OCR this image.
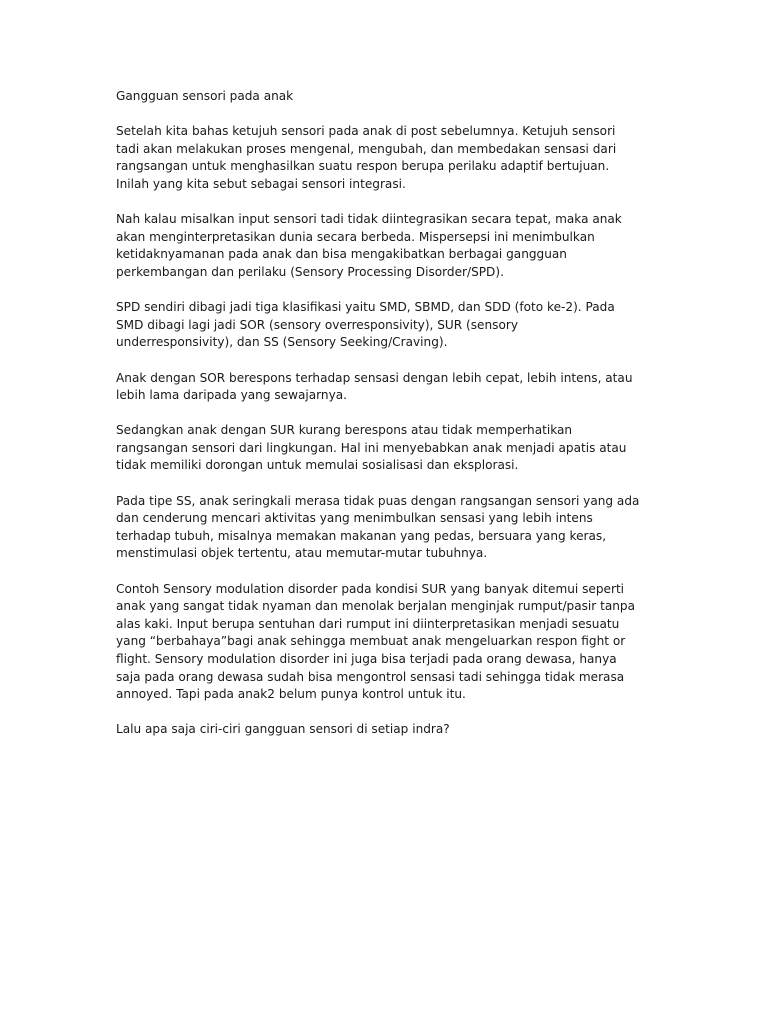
Gangguan sensori pada anak

Setelah kita bahas ketujuh sensori pada anak di post sebelumnya. Ketujuh sensori
tadi akan melakukan proses mengenal, mengubah, dan membedakan sensasi dari
rangsangan untuk menghasilkan suatu respon berupa perilaku adaptif bertujuan.
Inilah yang kita sebut sebagai sensori integrasi.

Nah kalau misalkan input sensori tadi tidak diintegrasikan secara tepat, maka anak
akan menginterpretasikan dunia secara berbeda. Mispersepsi ini menimbulkan
ketidaknyamanan pada anak dan bisa mengakibatkan berbagai gangguan
perkembangan dan perilaku (Sensory Processing Disorder/SPD).

SPD sendiri dibagi jadi tiga klasifikasi yaitu SMD, SBMD, dan SDD (foto ke-2). Pada
SMD dibagi lagi jadi SOR (sensory overresponsivity), SUR (sensory
underresponsivity), dan SS (Sensory Seeking/Craving).

Anak dengan SOR berespons terhadap sensasi dengan lebih cepat, lebih intens, atau
lebih lama daripada yang sewajarnya.

Sedangkan anak dengan SUR kurang berespons atau tidak memperhatikan
rangsangan sensori dari lingkungan. Hal ini menyebabkan anak menjadi apatis atau
tidak memiliki dorongan untuk memulai sosialisasi dan eksplorasi.

Pada tipe SS, anak seringkali merasa tidak puas dengan rangsangan sensori yang ada
dan cenderung mencari aktivitas yang menimbulkan sensasi yang lebih intens
terhadap tubuh, misalnya memakan makanan yang pedas, bersuara yang keras,
menstimulasi objek tertentu, atau memutar-mutar tubuhnya.

Contoh Sensory modulation disorder pada kondisi SUR yang banyak ditemui seperti
anak yang sangat tidak nyaman dan menolak berjalan menginjak rumput/pasir tanpa
alas kaki. Input berupa sentuhan dari rumput ini diinterpretasikan menjadi sesuatu
yang “berbahaya”bagi anak sehingga membuat anak mengeluarkan respon fight or
flight. Sensory modulation disorder ini juga bisa terjadi pada orang dewasa, hanya
saja pada orang dewasa sudah bisa mengontrol sensasi tadi sehingga tidak merasa
annoyed. Tapi pada anak2 belum punya kontrol untuk itu.

Lalu apa saja ciri-ciri gangguan sensori di setiap indra?
